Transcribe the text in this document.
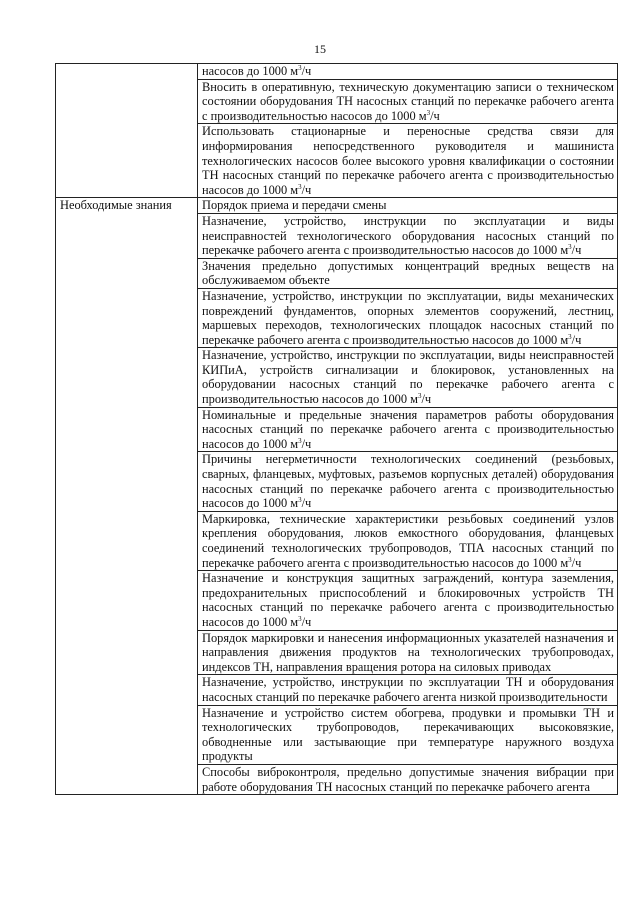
15
	насосов до 1000 $м^3/ч$
	Вносить в оперативную, техническую документацию записи о техническом состоянии оборудования ТН насосных станций по перекачке рабочего агента с производительностью насосов до 1000 $м^3/ч$
	Использовать стационарные и переносные средства связи для информирования непосредственного руководителя и машиниста технологических насосов более высокого уровня квалификации о состоянии ТН насосных станций по перекачке рабочего агента с производительностью насосов до 1000 $м^3/ч$
Необходимые знания	Порядок приема и передачи смены
	Назначение, устройство, инструкции по эксплуатации и виды неисправностей технологического оборудования насосных станций по перекачке рабочего агента с производительностью насосов до 1000 $м^3/ч$
	Значения предельно допустимых концентраций вредных веществ на обслуживаемом объекте
	Назначение, устройство, инструкции по эксплуатации, виды механических повреждений фундаментов, опорных элементов сооружений, лестниц, маршевых переходов, технологических площадок насосных станций по перекачке рабочего агента с производительностью насосов до 1000 $м^3/ч$
	Назначение, устройство, инструкции по эксплуатации, виды неисправностей КИПиА, устройств сигнализации и блокировок, установленных на оборудовании насосных станций по перекачке рабочего агента с производительностью насосов до 1000 $м^3/ч$
	Номинальные и предельные значения параметров работы оборудования насосных станций по перекачке рабочего агента с производительностью насосов до 1000 $м^3/ч$
	Причины негерметичности технологических соединений (резьбовых, сварных, фланцевых, муфтовых, разъемов корпусных деталей) оборудования насосных станций по перекачке рабочего агента с производительностью насосов до 1000 $м^3/ч$
	Маркировка, технические характеристики резьбовых соединений узлов крепления оборудования, люков емкостного оборудования, фланцевых соединений технологических трубопроводов, ТПА насосных станций по перекачке рабочего агента с производительностью насосов до 1000 $м^3/ч$
	Назначение и конструкция защитных заграждений, контура заземления, предохранительных приспособлений и блокировочных устройств ТН насосных станций по перекачке рабочего агента с производительностью насосов до 1000 $м^3/ч$
	Порядок маркировки и нанесения информационных указателей назначения и направления движения продуктов на технологических трубопроводах, индексов ТН, направления вращения ротора на силовых приводах
	Назначение, устройство, инструкции по эксплуатации ТН и оборудования насосных станций по перекачке рабочего агента низкой производительности
	Назначение и устройство систем обогрева, продувки и промывки ТН и технологических трубопроводов, перекачивающих высоковязкие, обводненные или застывающие при температуре наружного воздуха продукты
	Способы виброконтроля, предельно допустимые значения вибрации при работе оборудования ТН насосных станций по перекачке рабочего агента
